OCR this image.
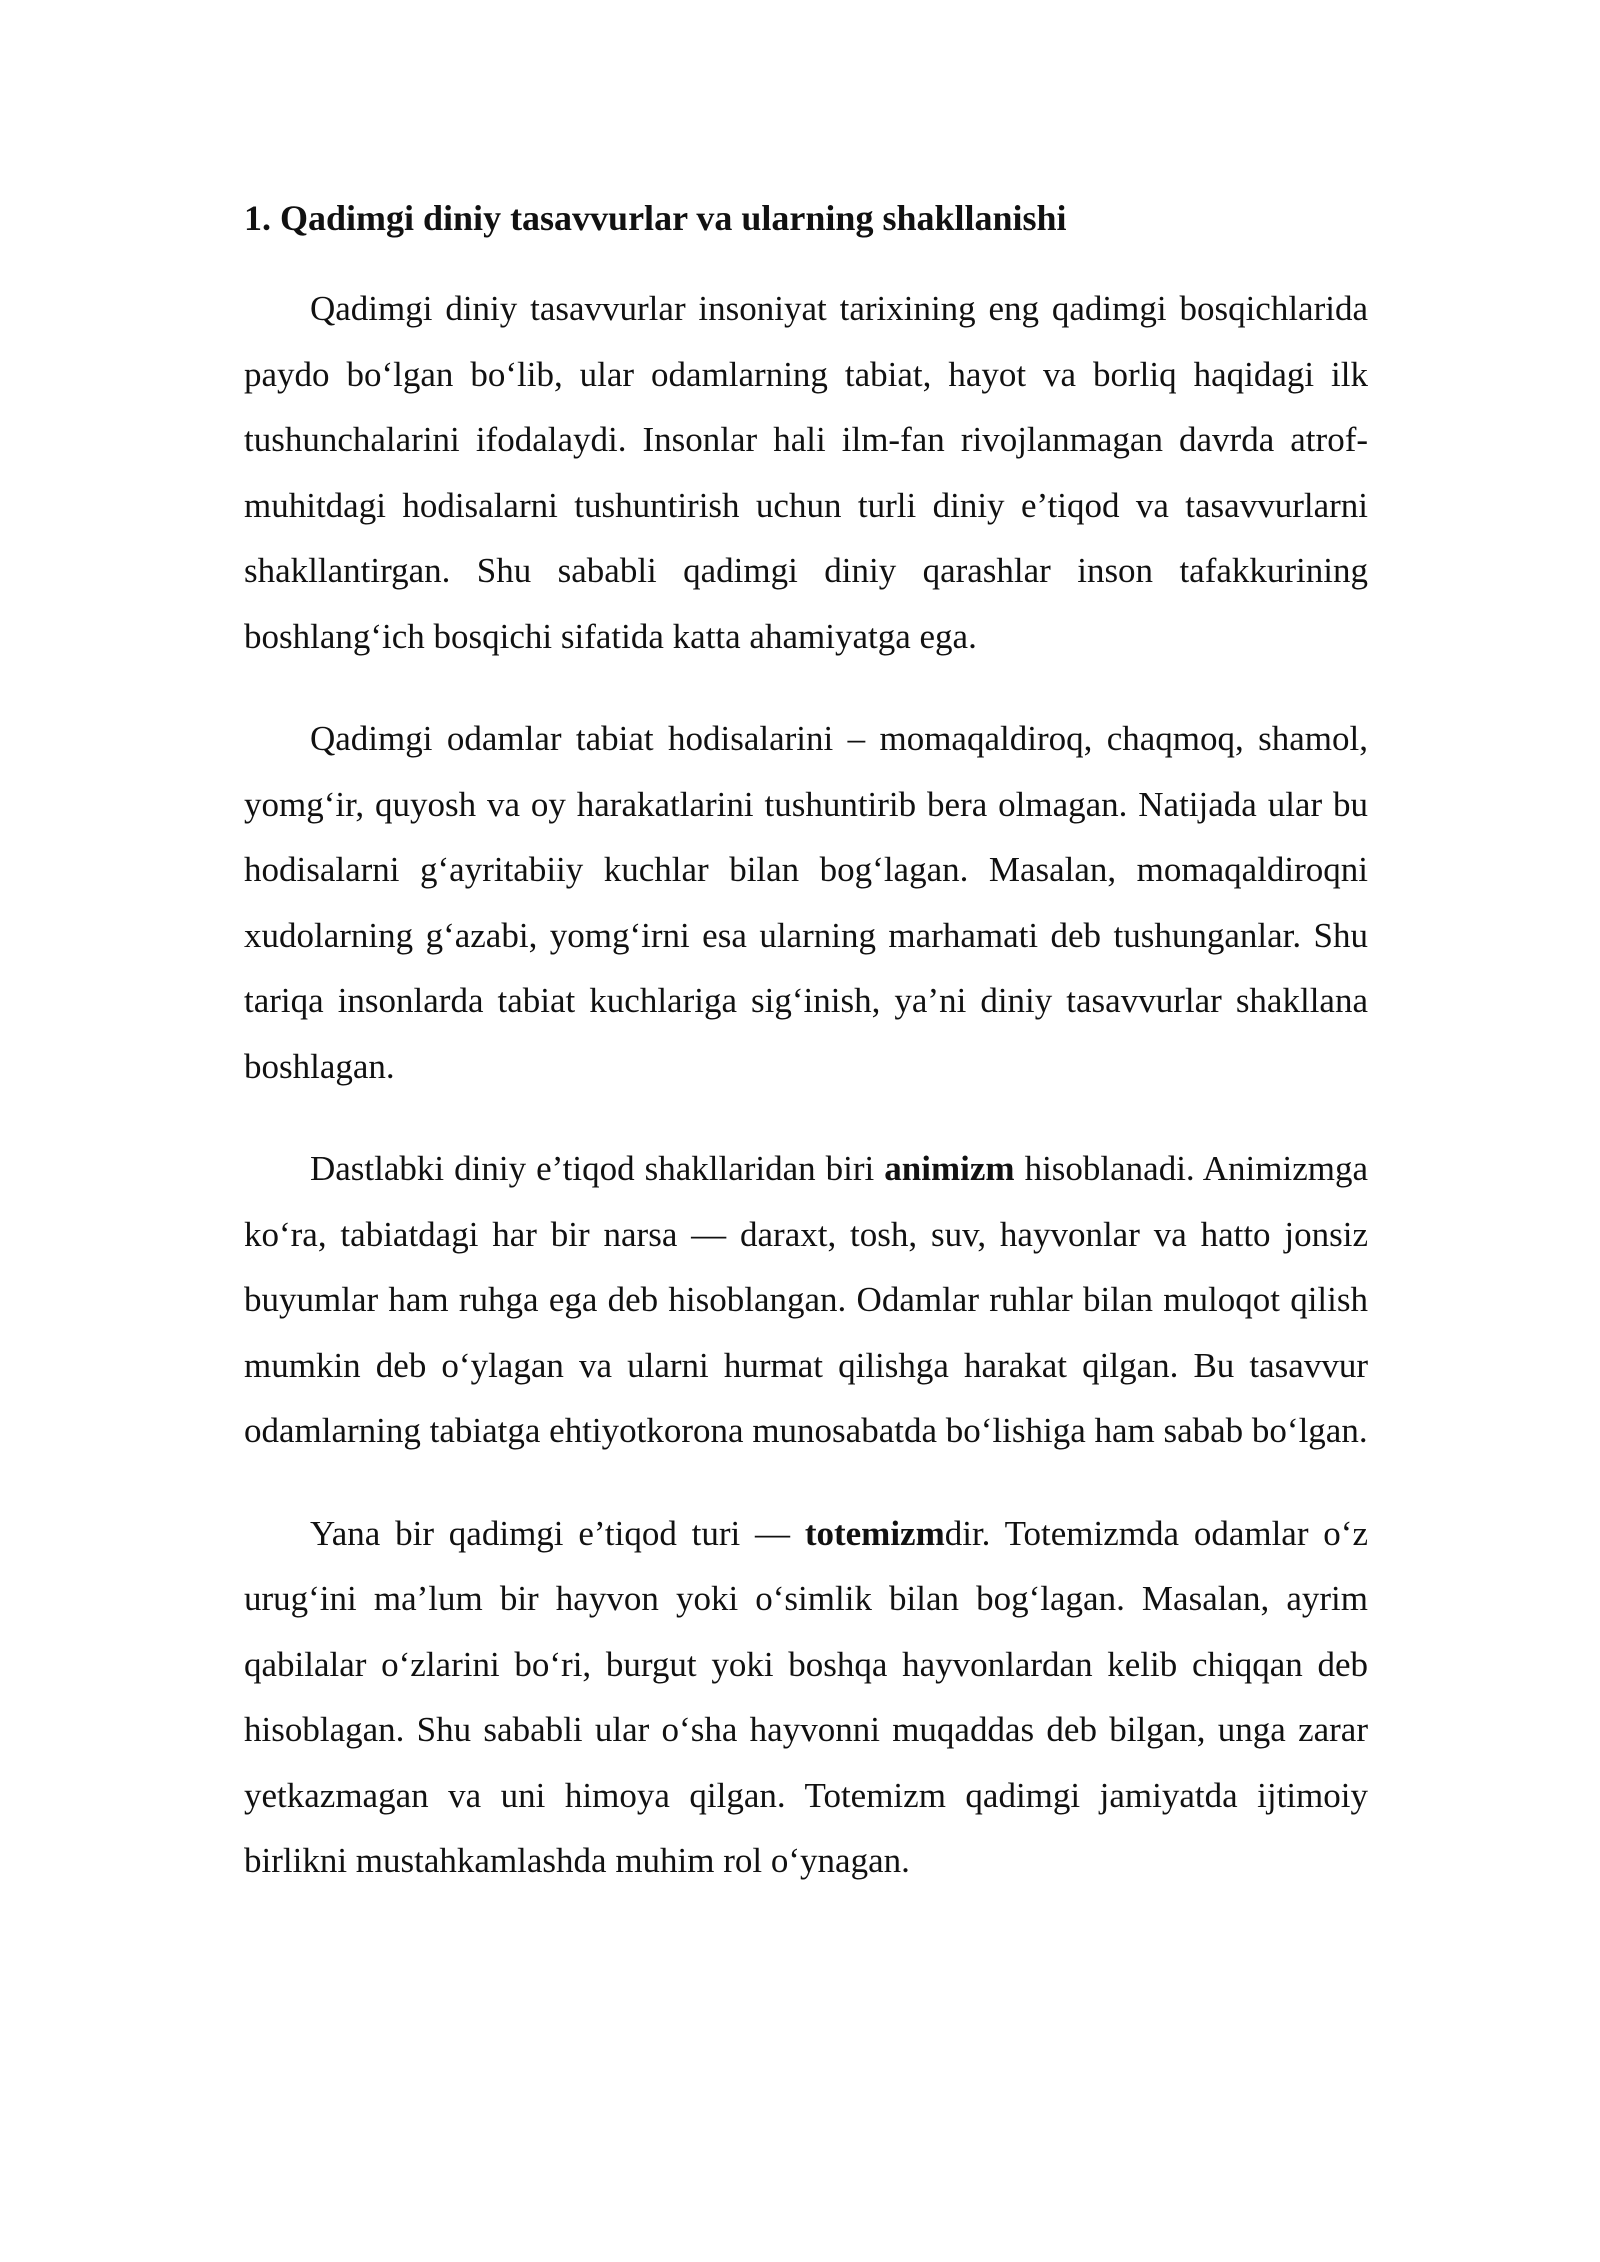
1. Qadimgi diniy tasavvurlar va ularning shakllanishi

Qadimgi diniy tasavvurlar insoniyat tarixining eng qadimgi bosqichlarida paydo bo‘lgan bo‘lib, ular odamlarning tabiat, hayot va borliq haqidagi ilk tushunchalarini ifodalaydi. Insonlar hali ilm-fan rivojlanmagan davrda atrof-muhitdagi hodisalarni tushuntirish uchun turli diniy e’tiqod va tasavvurlarni shakllantirgan. Shu sababli qadimgi diniy qarashlar inson tafakkurining boshlang‘ich bosqichi sifatida katta ahamiyatga ega.

Qadimgi odamlar tabiat hodisalarini – momaqaldiroq, chaqmoq, shamol, yomg‘ir, quyosh va oy harakatlarini tushuntirib bera olmagan. Natijada ular bu hodisalarni g‘ayritabiiy kuchlar bilan bog‘lagan. Masalan, momaqaldiroqni xudolarning g‘azabi, yomg‘irni esa ularning marhamati deb tushunganlar. Shu tariqa insonlarda tabiat kuchlariga sig‘inish, ya’ni diniy tasavvurlar shakllana boshlagan.

Dastlabki diniy e’tiqod shakllaridan biri animizm hisoblanadi. Animizmga ko‘ra, tabiatdagi har bir narsa — daraxt, tosh, suv, hayvonlar va hatto jonsiz buyumlar ham ruhga ega deb hisoblangan. Odamlar ruhlar bilan muloqot qilish mumkin deb o‘ylagan va ularni hurmat qilishga harakat qilgan. Bu tasavvur odamlarning tabiatga ehtiyotkorona munosabatda bo‘lishiga ham sabab bo‘lgan.

Yana bir qadimgi e’tiqod turi — totemizmdir. Totemizmda odamlar o‘z urug‘ini ma’lum bir hayvon yoki o‘simlik bilan bog‘lagan. Masalan, ayrim qabilalar o‘zlarini bo‘ri, burgut yoki boshqa hayvonlardan kelib chiqqan deb hisoblagan. Shu sababli ular o‘sha hayvonni muqaddas deb bilgan, unga zarar yetkazmagan va uni himoya qilgan. Totemizm qadimgi jamiyatda ijtimoiy birlikni mustahkamlashda muhim rol o‘ynagan.
